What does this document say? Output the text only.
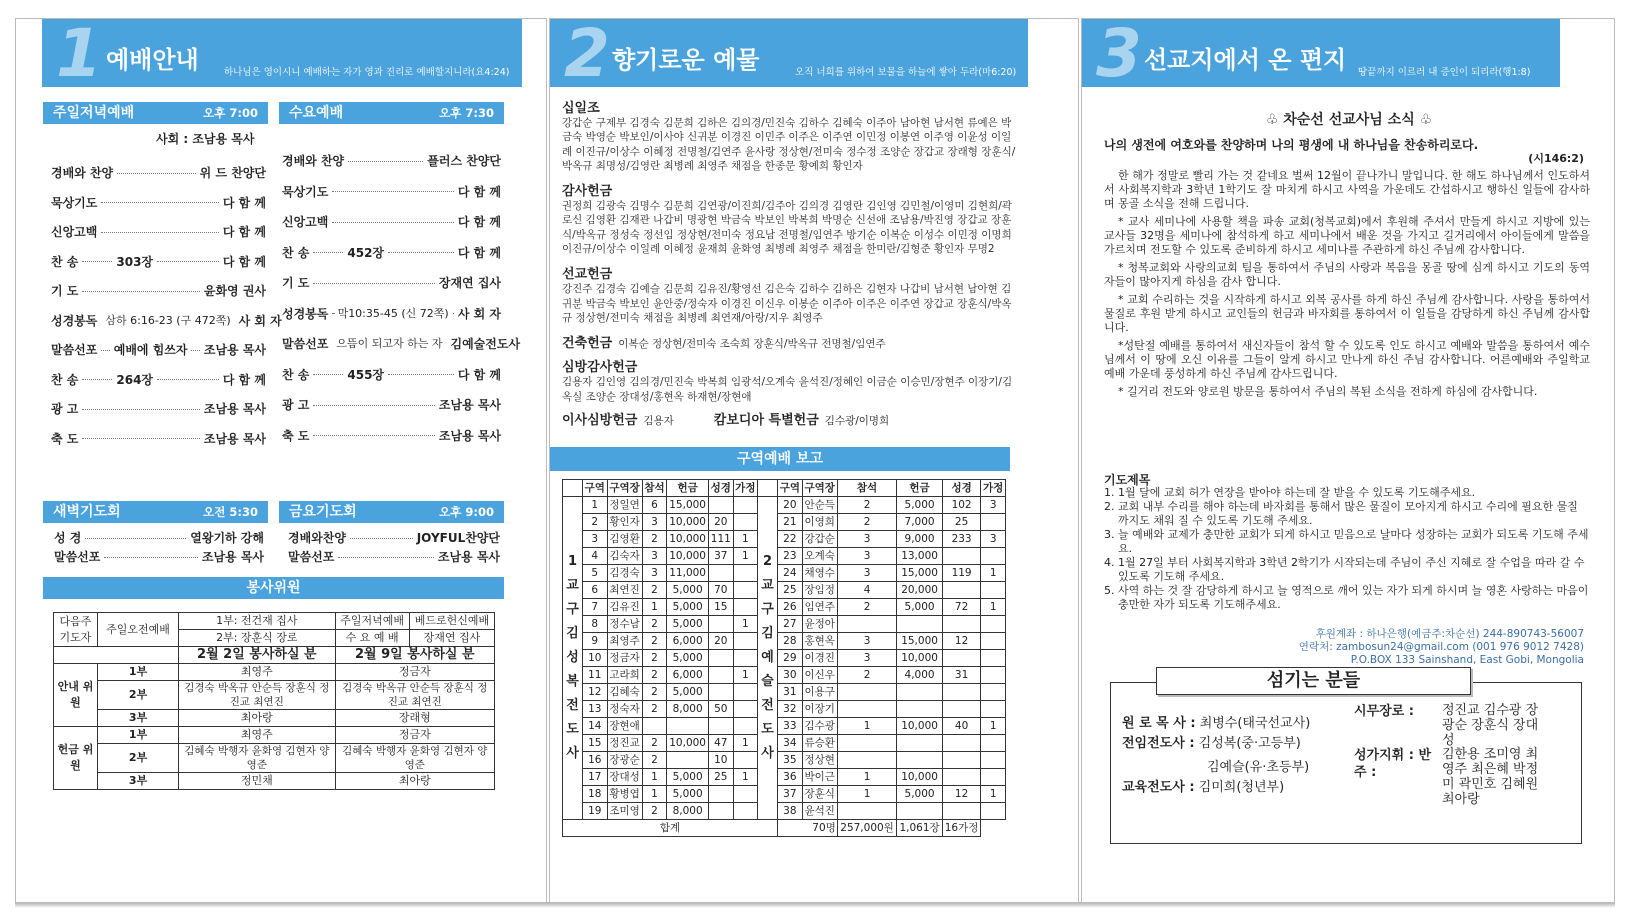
1 예배안내	하나님은 영이시니 예배하는 자가 영과 진리로 예배할지니라(요4:24)
주일저녁예배	오후 7:00
사회 : 조남용 목사
경배와 찬양	위 드 찬양단
묵상기도	다 함 께
신앙고백	다 함 께
찬 송	303장	다 함 께
기 도	윤화영 권사
성경봉독 삼하 6:16-23 (구 472쪽) 사 회 자
말씀선포 예배에 힘쓰자 조남용 목사
찬 송	264장	다 함 께
광 고	조남용 목사
축 도	조남용 목사
수요예배	오후 7:30
경배와 찬양	플러스 찬양단
묵상기도	다 함 께
신앙고백	다 함 께
찬 송	452장	다 함 께
기 도	장재연 집사
성경봉독 막10:35-45 (신 72쪽) 사 회 자
말씀선포 으뜸이 되고자 하는 자 김예술전도사
찬 송	455장	다 함 께
광 고	조남용 목사
축 도	조남용 목사
새벽기도회	오전 5:30
성 경	열왕기하 강해
말씀선포	조남용 목사
금요기도회	오후 9:00
경배와찬양	JOYFUL찬양단
말씀선포	조남용 목사
봉사위원
다음주 기도자	주일오전예배	1부: 전건재 집사	주일저녁예배	베드로헌신예배
		2부: 장훈식 장로	수 요 예 배	장재연 집사
		2월 2일 봉사하실 분	2월 9일 봉사하실 분	
안내 위원	1부	최영주	정금자	
	2부	김경숙 박옥규 안순득 장훈식 정진교 최연진	김경숙 박옥규 안순득 장훈식 정진교 최연진	

	3부	최아랑	장래형	
헌금 위원	1부	최영주	정금자	
	2부	김혜숙 박행자 윤화영 김현자 양영준	김혜숙 박행자 윤화영 김현자 양영준	

	3부	정민채	최아랑	
2 향기로운 예물	오직 너희를 위하여 보물을 하늘에 쌓아 두라(마6:20)
십일조
강갑순 구제부 김경숙 김문희 김하은 김의경/민진숙 김하수 김혜숙 이주아 남아현 남서현 류예은 박금숙 박영순 박보인/이사야 신귀분 이경진 이민주 이주은 이주연 이민정 이봉연 이주영 이윤성 이일례 이진규/이상수 이혜정 전명철/김연주 윤사랑 정상현/전미숙 정수정 조양순 장갑교 장래형 장훈식/박옥규 최명성/김영란 최병례 최영주 채점을 한종문 황예희 황인자
감사헌금
권정희 김광숙 김명수 김문희 김연광/이진희/김주아 김의경 김영란 김인영 김민철/이영미 김현희/곽로신 김영환 김재관 나갑비 명광현 박금숙 박보인 박복희 박명순 신선애 조남용/박진영 장갑교 장훈식/박옥규 정성숙 정선임 정상현/전미숙 정요남 전명철/임연주 방기순 이복순 이성수 이민정 이명희 이진규/이상수 이일례 이혜정 윤재희 윤화영 최병례 최영주 채점을 한미란/김형준 황인자 무명2
선교헌금
강진주 김경숙 김예슬 김문희 김유진/황영선 김은숙 김하수 김하은 김현자 나갑비 남서현 남아현 김귀분 박금숙 박보인 윤안중/정숙자 이경진 이신우 이봉순 이주아 이주은 이주연 장갑교 장훈식/박옥규 정상현/전미숙 채점을 최병례 최연재/아랑/지우 최영주
건축헌금 이복순 정상현/전미숙 조숙희 장훈식/박옥규 전명철/임연주
심방감사헌금
김용자 김인영 김의경/민진숙 박복희 임광석/오계숙 윤석진/정혜인 이금순 이승민/장현주 이장기/김옥실 조양순 장대성/홍현옥 하재현/장현애
이사심방헌금 김용자	캄보디아 특별헌금 김수광/이명희
구역예배 보고
	구역	구역장	참석	헌금	성경	가정		구역	구역장	참석	헌금	성경	가정
1 교 구 김 성 복 전 도 사	1	정일연	6	15,000			2 교 구 김 예 슬 전 도 사	20	안순득	2	5,000	102	3
	2	황인자	3	10,000	20			21	이영희	2	7,000	25	
	3	김영환	2	10,000	111	1		22	강갑순	3	9,000	233	3
	4	김숙자	3	10,000	37	1		23	오계숙	3	13,000		
	5	김경숙	3	11,000				24	채영수	3	15,000	119	1
	6	최연진	2	5,000	70			25	장임정	4	20,000		
	7	김유진	1	5,000	15			26	임연주	2	5,000	72	1
	8	정수남	2	5,000		1		27	윤정아				
	9	최영주	2	6,000	20			28	홍현옥	3	15,000	12	
	10	정금자	2	5,000				29	이경진	3	10,000		
	11	고라희	2	6,000		1		30	이신우	2	4,000	31	
	12	김혜숙	2	5,000				31	이용구				
	13	정숙자	2	8,000	50			32	이장기				
	14	장현애						33	김수광	1	10,000	40	1
	15	정진교	2	10,000	47	1		34	류승환				
	16	장광순	2		10			35	정상현				
	17	장대성	1	5,000	25	1		36	박이근	1	10,000		
	18	황병엽	1	5,000				37	장훈식	1	5,000	12	1
	19	조미영	2	8,000				38	윤석진				
합계								70명		257,000원	1,061장	16가정	
3 선교지에서 온 편지 땅끝까지 이르러 내 증인이 되리라(행1:8)
♧ 차순선 선교사님 소식 ♧
나의 생전에 여호와를 찬양하며 나의 평생에 내 하나님을 찬송하리로다.
(시146:2)

한 해가 정말로 빨리 가는 것 같네요 벌써 12월이 끝나가니 말입니다. 한 해도 하나님께서 인도하셔서 사회복지학과 3학년 1학기도 잘 마치게 하시고 사역을 가운데도 간섭하시고 행하신 일들에 감사하며 몽골 소식을 전해 드립니다.

* 교사 세미나에 사용할 책을 파송 교회(청복교회)에서 후원해 주셔서 만들게 하시고 지방에 있는 교사들 32명을 세미나에 참석하게 하고 세미나에서 배운 것을 가지고 길거리에서 아이들에게 말씀을 가르치며 전도할 수 있도록 준비하게 하시고 세미나를 주관하게 하신 주님께 감사합니다.

* 청복교회와 사랑의교회 팀을 통하여서 주님의 사랑과 복음을 몽골 땅에 심게 하시고 기도의 동역자들이 많아지게 하심을 감사 합니다.

* 교회 수리하는 것을 시작하게 하시고 외복 공사를 하게 하신 주님께 감사합니다. 사랑을 통하여서 물질로 후원 받게 하시고 교인들의 헌금과 바자회를 통하여서 이 일들을 감당하게 하신 주님께 감사합니다.

*성탄절 예배를 통하여서 새신자들이 참석 할 수 있도록 인도 하시고 예배와 말씀을 통하여서 예수님께서 이 땅에 오신 이유를 그들이 알게 하시고 만나게 하신 주님 감사합니다. 어른예배와 주일학교 예배 가운데 풍성하게 하신 주님께 감사드립니다.

* 길거리 전도와 양로원 방문을 통하여서 주님의 복된 소식을 전하게 하심에 감사합니다.

기도제목
1. 1월 달에 교회 허가 연장을 받아야 하는데 잘 받을 수 있도록 기도해주세요.
2. 교회 내부 수리를 해야 하는데 바자회를 통해서 많은 물질이 모아지게 하시고 수리에 필요한 물질 까지도 채워 질 수 있도록 기도해 주세요.
3. 늘 예배와 교제가 충만한 교회가 되게 하시고 믿음으로 날마다 성장하는 교회가 되도록 기도해 주세요.
4. 1월 27일 부터 사회복지학과 3학년 2학기가 시작되는데 주님이 주신 지혜로 잘 수업을 따라 갈 수 있도록 기도해 주세요.
5. 사역 하는 것 잘 감당하게 하시고 늘 영적으로 깨어 있는 자가 되게 하시며 늘 영혼 사랑하는 마음이 충만한 자가 되도록 기도해주세요.
후원계좌 : 하나은행(예금주:차순선) 244-890743-56007
연락처: zambosun24@gmail.com (001 976 9012 7428)
P.O.BOX 133 Sainshand, East Gobi, Mongolia
섬기는 분들
원 로 목 사 : 최병수(태국선교사)
전임전도사 : 김성복(중·고등부)
김예슬(유·초등부)
교육전도사 : 김미희(청년부)
시무장로 :	정진교 김수광 장광순 장훈식 장대성
성가지휘 : 반 주 :
김한용 조미영 최영주 최은혜 박정미 곽민호 김혜원 최아랑
